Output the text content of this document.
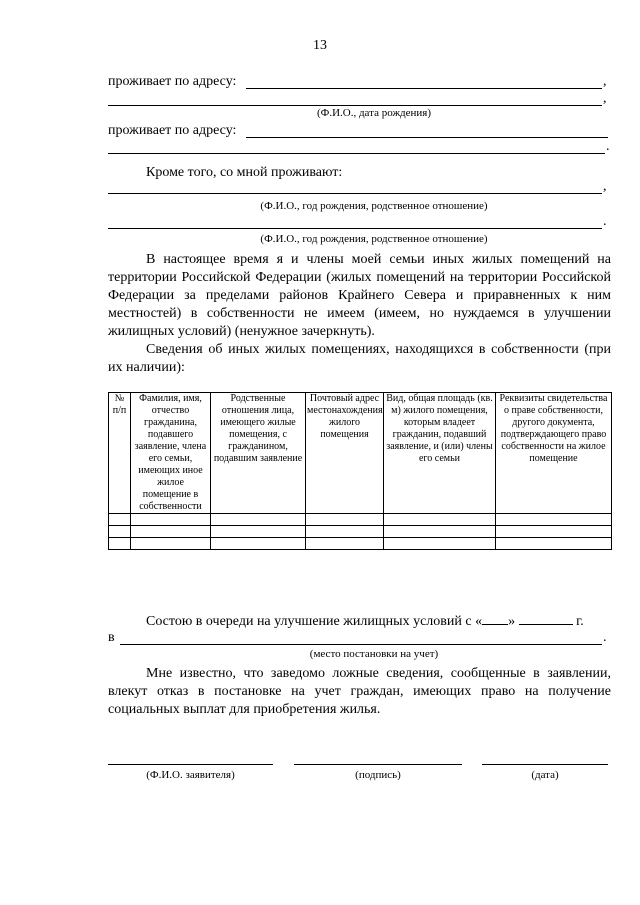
13
проживает по адресу:	,
,
(Ф.И.О., дата рождения)
проживает по адресу:
.
Кроме того, со мной проживают:
,
(Ф.И.О., год рождения, родственное отношение)
.
(Ф.И.О., год рождения, родственное отношение)
В настоящее время я и члены моей семьи иных жилых помещений на территории Российской Федерации (жилых помещений на территории Российской Федерации за пределами районов Крайнего Севера и приравненных к ним местностей) в собственности не имеем (имеем, но нуждаемся в улучшении жилищных условий) (ненужное зачеркнуть).
Сведения об иных жилых помещениях, находящихся в собственности (при их наличии):
№ п/п	Фамилия, имя, отчество гражданина, подавшего заявление, члена его семьи, имеющих иное жилое помещение в собственности	Родственные отношения лица, имеющего жилые помещения, с гражданином, подавшим заявление	Почтовый адрес местонахождения жилого помещения	Вид, общая площадь (кв. м) жилого помещения, которым владеет гражданин, подавший заявление, и (или) члены его семьи	Реквизиты свидетельства о праве собственности, другого документа, подтверждающего право собственности на жилое помещение

Состою в очереди на улучшение жилищных условий с « »	г.
в	.
(место постановки на учет)
Мне известно, что заведомо ложные сведения, сообщенные в заявлении, влекут отказ в постановке на учет граждан, имеющих право на получение социальных выплат для приобретения жилья.
(Ф.И.О. заявителя)	(подпись)	(дата)
